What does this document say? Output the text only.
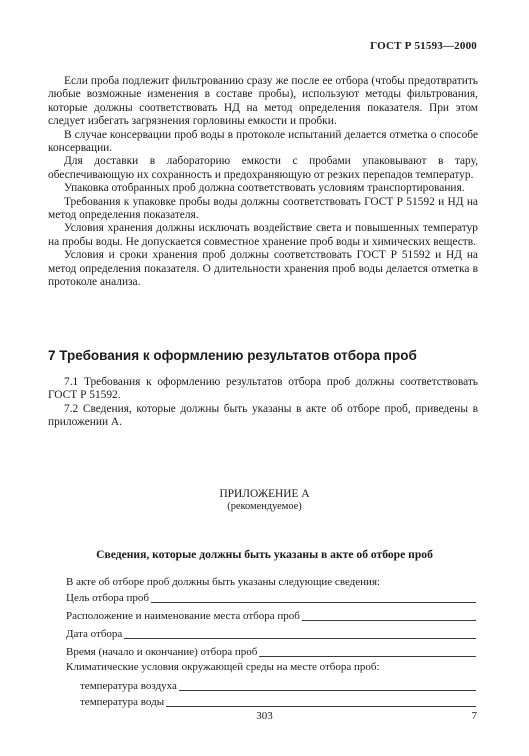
ГОСТ Р 51593—2000

Если проба подлежит фильтрованию сразу же после ее отбора (чтобы предотвратить любые возможные изменения в составе пробы), используют методы фильтрования, которые должны соответствовать НД на метод определения показателя. При этом следует избегать загрязнения горловины емкости и пробки.

В случае консервации проб воды в протоколе испытаний делается отметка о способе консервации.

Для доставки в лабораторию емкости с пробами упаковывают в тару, обеспечивающую их сохранность и предохраняющую от резких перепадов температур.

Упаковка отобранных проб должна соответствовать условиям транспортирования.

Требования к упаковке пробы воды должны соответствовать ГОСТ Р 51592 и НД на метод определения показателя.

Условия хранения должны исключать воздействие света и повышенных температур на пробы воды. Не допускается совместное хранение проб воды и химических веществ.

Условия и сроки хранения проб должны соответствовать ГОСТ Р 51592 и НД на метод определения показателя. О длительности хранения проб воды делается отметка в протоколе анализа.

7 Требования к оформлению результатов отбора проб

7.1 Требования к оформлению результатов отбора проб должны соответствовать ГОСТ Р 51592.

7.2 Сведения, которые должны быть указаны в акте об отборе проб, приведены в приложении А.

ПРИЛОЖЕНИЕ А
(рекомендуемое)
Сведения, которые должны быть указаны в акте об отборе проб
В акте об отборе проб должны быть указаны следующие сведения:
Цель отбора проб
Расположение и наименование места отбора проб
Дата отбора
Время (начало и окончание) отбора проб
Климатические условия окружающей среды на месте отбора проб:
температура воздуха
температура воды
303	7
